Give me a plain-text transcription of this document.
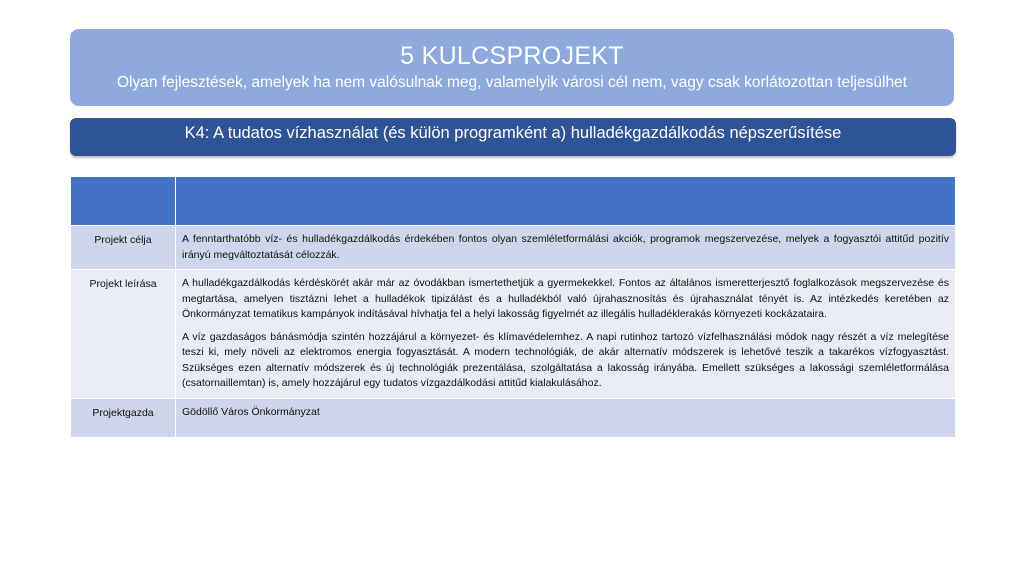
5 KULCSPROJEKT
Olyan fejlesztések, amelyek ha nem valósulnak meg, valamelyik városi cél nem, vagy csak korlátozottan teljesülhet
K4: A tudatos vízhasználat (és külön programként a) hulladékgazdálkodás népszerűsítése

Projekt célja	A fenntarthatóbb víz- és hulladékgazdálkodás érdekében fontos olyan szemléletformálási akciók, programok megszervezése, melyek a fogyasztói attitűd pozitív irányú megváltoztatását célozzák.

Projekt leírása	A hulladékgazdálkodás kérdéskörét akár már az óvodákban ismertethetjük a gyermekekkel. Fontos az általános ismeretterjesztő foglalkozások megszervezése és megtartása, amelyen tisztázni lehet a hulladékok tipizálást és a hulladékból való újrahasznosítás és újrahasználat tényét is. Az intézkedés keretében az Önkormányzat tematikus kampányok indításával hívhatja fel a helyi lakosság figyelmét az illegális hulladéklerakás környezeti kockázataira.

A víz gazdaságos bánásmódja szintén hozzájárul a környezet- és klímavédelemhez. A napi rutinhoz tartozó vízfelhasználási módok nagy részét a víz melegítése teszi ki, mely növeli az elektromos energia fogyasztását. A modern technológiák, de akár alternatív módszerek is lehetővé teszik a takarékos vízfogyasztást. Szükséges ezen alternatív módszerek és új technológiák prezentálása, szolgáltatása a lakosság irányába. Emellett szükséges a lakossági szemléletformálása (csatornaillemtan) is, amely hozzájárul egy tudatos vízgazdálkodási attitűd kialakulásához.

Projektgazda	Gödöllő Város Önkormányzat
